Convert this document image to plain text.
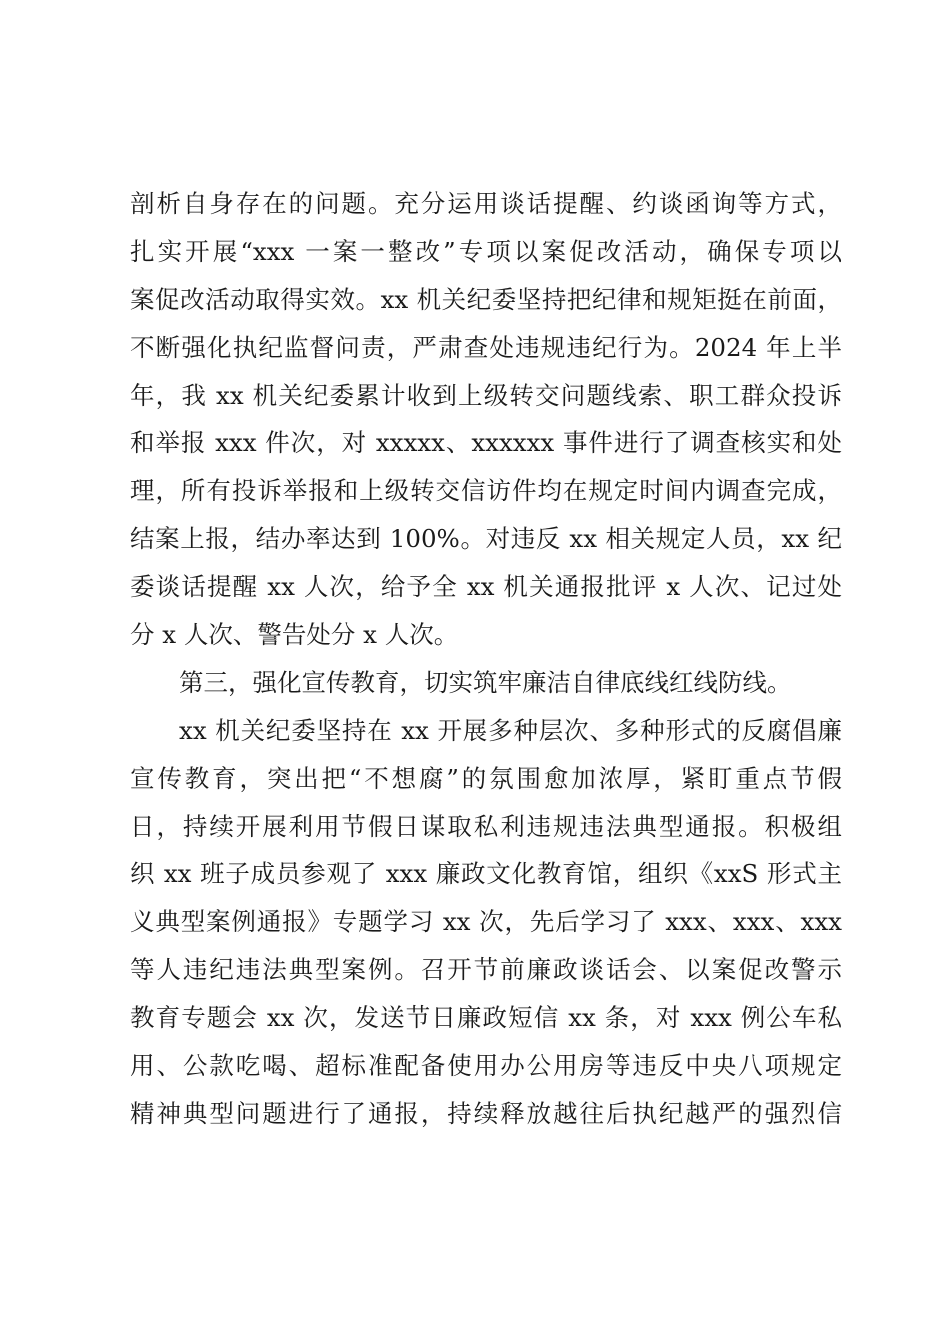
剖析自身存在的问题。充分运用谈话提醒、约谈函询等方式，
扎实开展“xxx 一案一整改”专项以案促改活动，确保专项以
案促改活动取得实效。xx 机关纪委坚持把纪律和规矩挺在前面，
不断强化执纪监督问责，严肃查处违规违纪行为。2024 年上半
年，我 xx 机关纪委累计收到上级转交问题线索、职工群众投诉
和举报 xxx 件次，对 xxxxx、xxxxxx 事件进行了调查核实和处
理，所有投诉举报和上级转交信访件均在规定时间内调查完成，
结案上报，结办率达到 100%。对违反 xx 相关规定人员，xx 纪
委谈话提醒 xx 人次，给予全 xx 机关通报批评 x 人次、记过处
分 x 人次、警告处分 x 人次。
第三，强化宣传教育，切实筑牢廉洁自律底线红线防线。
xx 机关纪委坚持在 xx 开展多种层次、多种形式的反腐倡廉
宣传教育，突出把“不想腐”的氛围愈加浓厚，紧盯重点节假
日，持续开展利用节假日谋取私利违规违法典型通报。积极组
织 xx 班子成员参观了 xxx 廉政文化教育馆，组织《xxS 形式主
义典型案例通报》专题学习 xx 次，先后学习了 xxx、xxx、xxx
等人违纪违法典型案例。召开节前廉政谈话会、以案促改警示
教育专题会 xx 次，发送节日廉政短信 xx 条，对 xxx 例公车私
用、公款吃喝、超标准配备使用办公用房等违反中央八项规定
精神典型问题进行了通报，持续释放越往后执纪越严的强烈信
